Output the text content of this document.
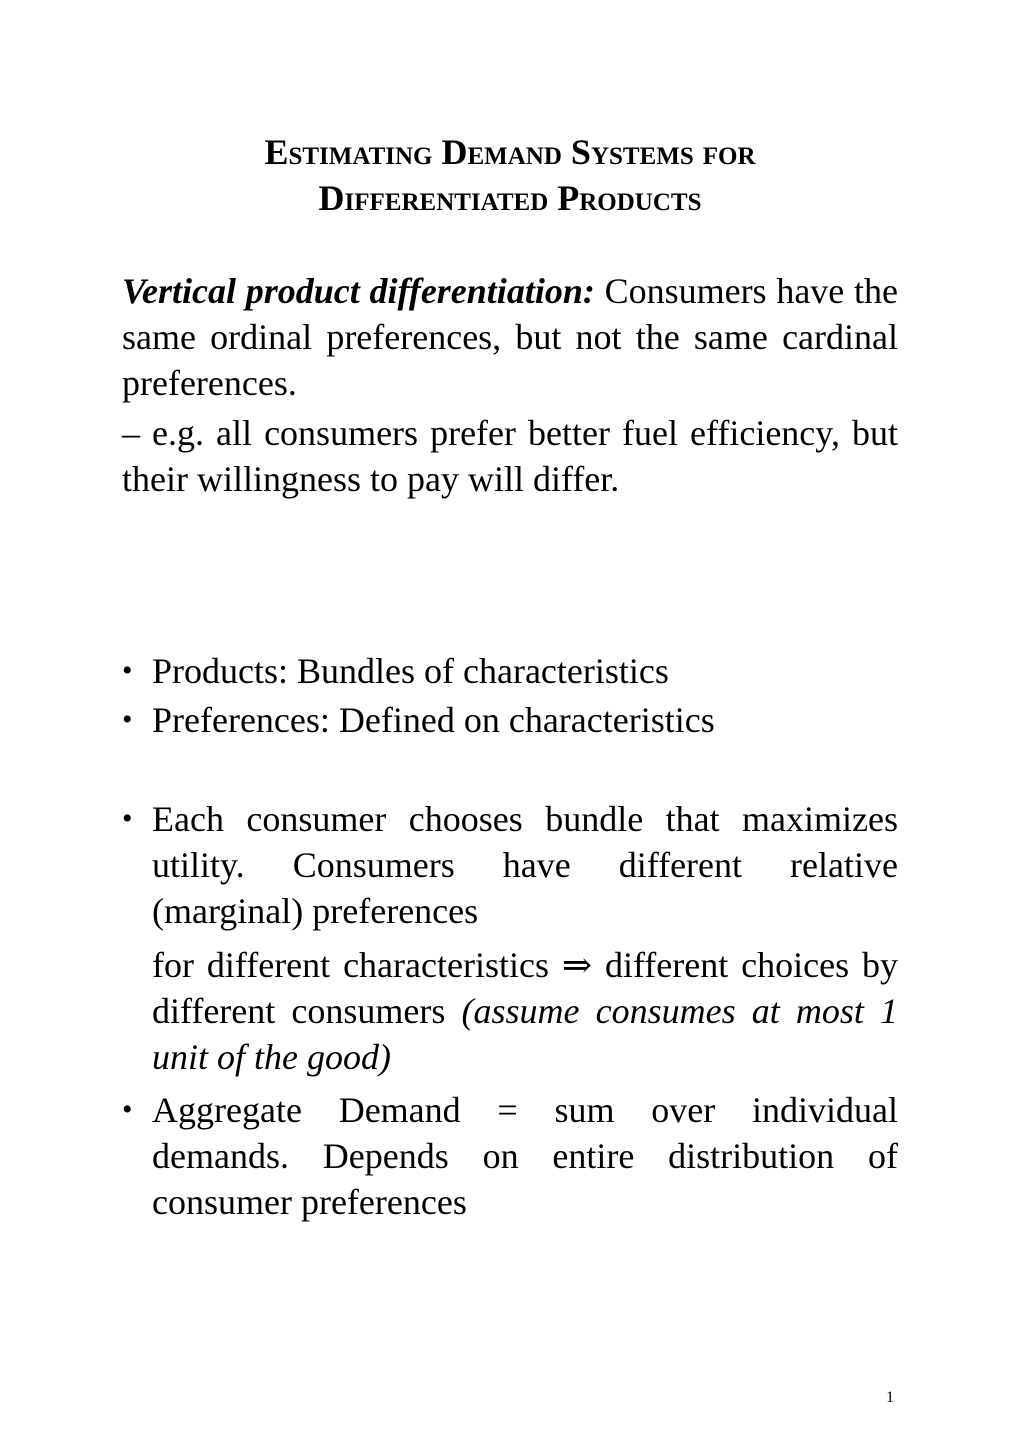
Estimating Demand Systems for
Differentiated Products
Vertical product differentiation: Consumers have the same ordinal preferences, but not the same cardinal preferences.
– e.g. all consumers prefer better fuel efficiency, but their willingness to pay will differ.
• Products: Bundles of characteristics
• Preferences: Defined on characteristics
• Each consumer chooses bundle that maximizes utility. Consumers have different relative (marginal) preferences
for different characteristics ⇒ different choices by different consumers (assume consumes at most 1 unit of the good)
• Aggregate Demand = sum over individual demands. Depends on entire distribution of consumer preferences
1
